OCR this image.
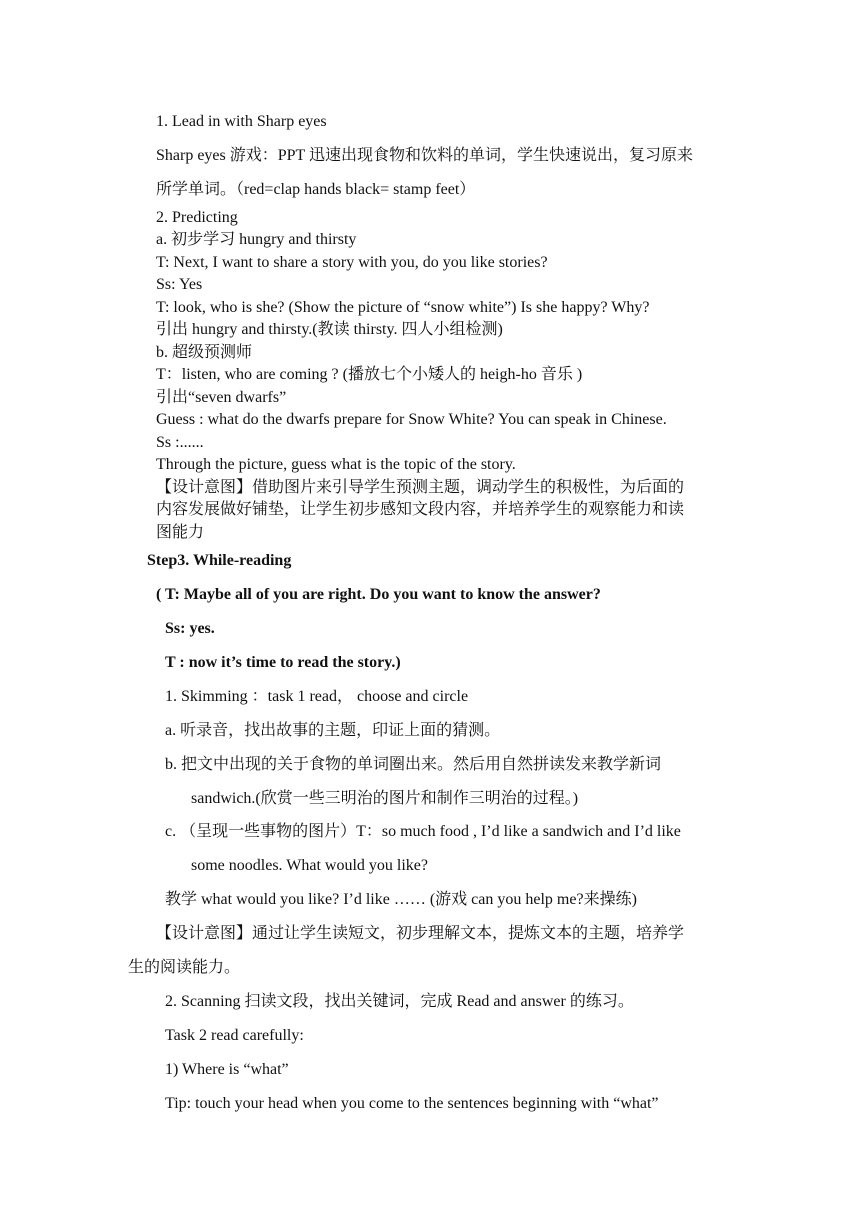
1. Lead in with Sharp eyes
Sharp eyes 游戏：PPT 迅速出现食物和饮料的单词，学生快速说出，复习原来
所学单词。（red=clap hands black= stamp feet）
2. Predicting
a. 初步学习 hungry and thirsty
T: Next, I want to share a story with you, do you like stories?
Ss: Yes
T: look, who is she? (Show the picture of “snow white”) Is she happy? Why?
引出 hungry and thirsty.(教读 thirsty. 四人小组检测)
b. 超级预测师
T：listen, who are coming ? (播放七个小矮人的 heigh-ho 音乐 )
引出“seven dwarfs”
Guess : what do the dwarfs prepare for Snow White? You can speak in Chinese.
Ss :......
Through the picture, guess what is the topic of the story.
【设计意图】借助图片来引导学生预测主题，调动学生的积极性，为后面的
内容发展做好铺垫，让学生初步感知文段内容，并培养学生的观察能力和读
图能力
Step3. While-reading
( T: Maybe all of you are right. Do you want to know the answer?
Ss: yes.
T : now it’s time to read the story.)
1. Skimming ：task 1 read， choose and circle
a. 听录音，找出故事的主题，印证上面的猜测。
b. 把文中出现的关于食物的单词圈出来。然后用自然拼读发来教学新词
sandwich.(欣赏一些三明治的图片和制作三明治的过程。)
c. （呈现一些事物的图片）T：so much food , I’d like a sandwich and I’d like
some noodles. What would you like?
教学 what would you like? I’d like …… (游戏 can you help me?来操练)
【设计意图】通过让学生读短文，初步理解文本，提炼文本的主题，培养学
生的阅读能力。
2. Scanning 扫读文段，找出关键词，完成 Read and answer 的练习。
Task 2 read carefully:
1) Where is “what”
Tip: touch your head when you come to the sentences beginning with “what”
